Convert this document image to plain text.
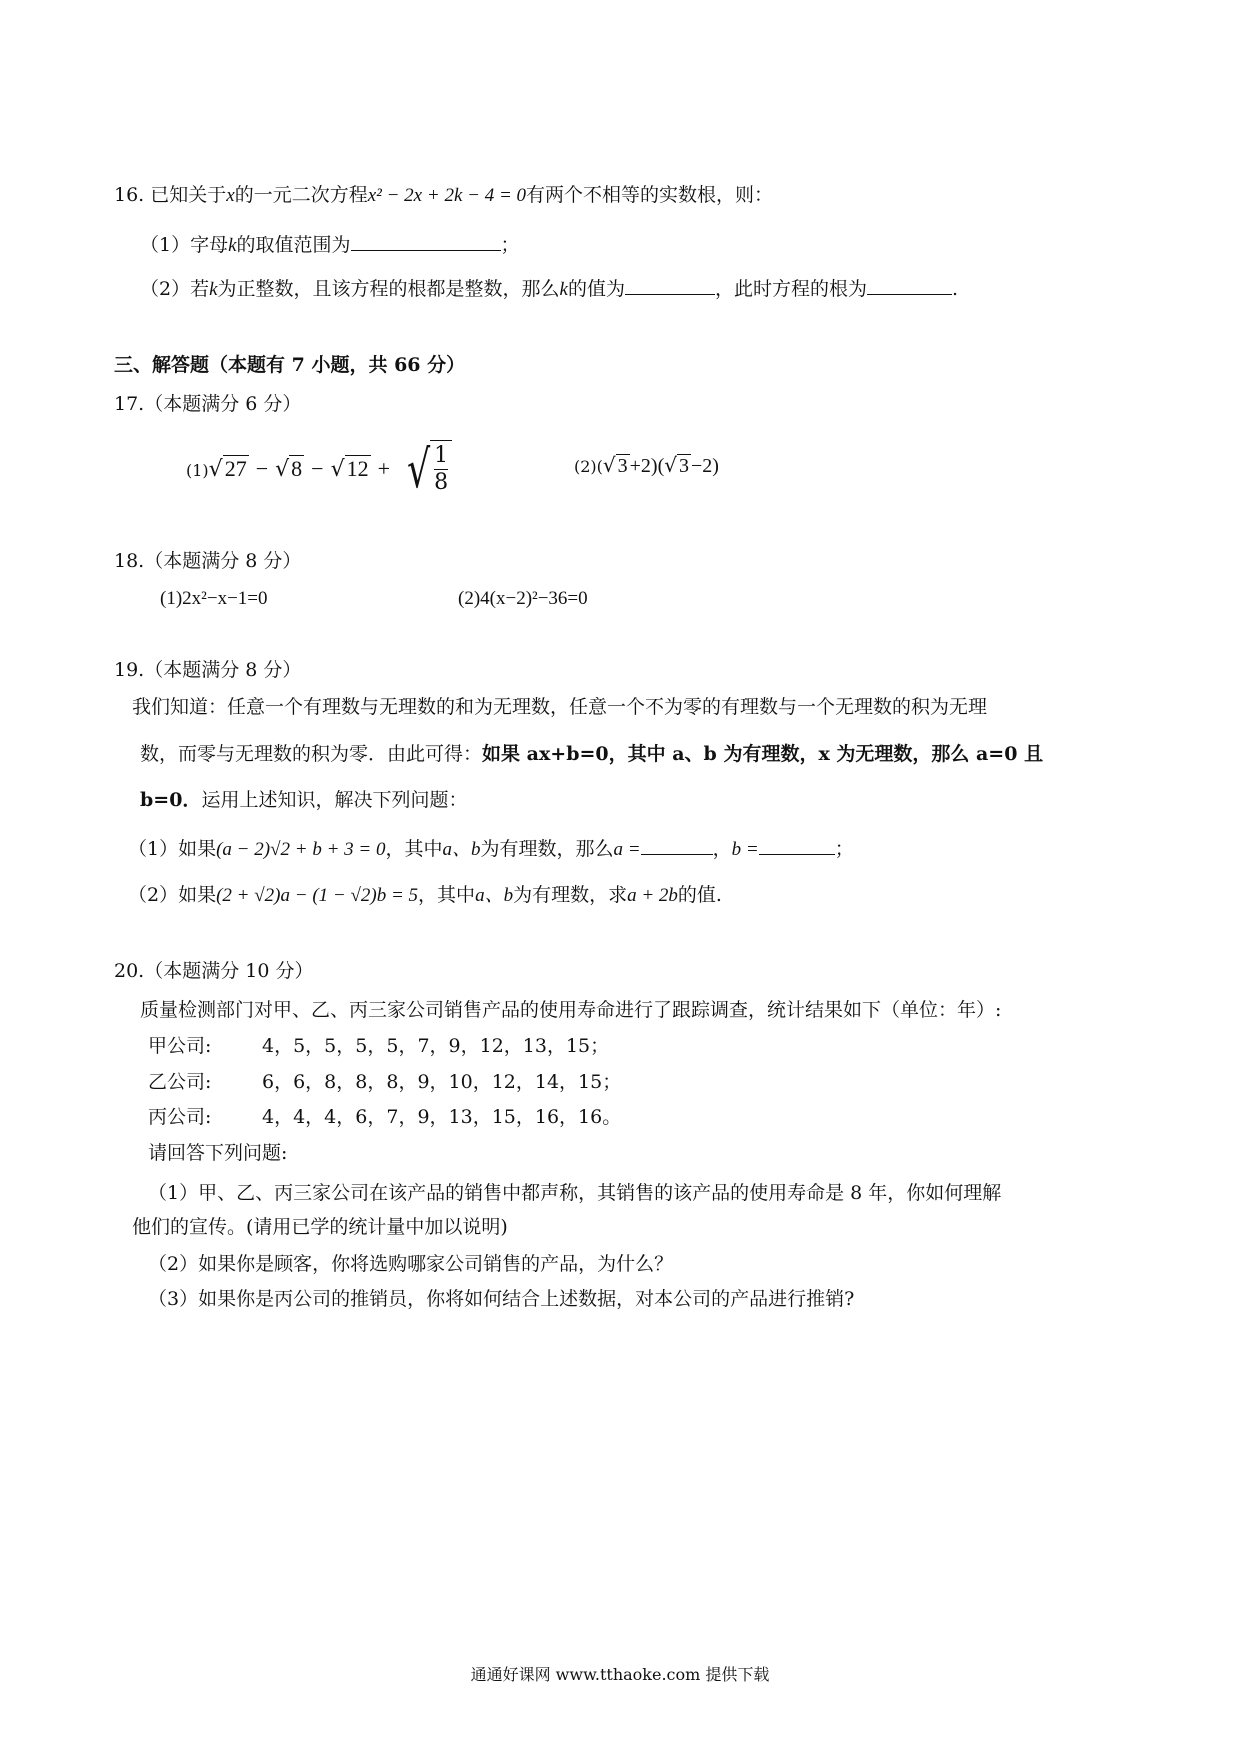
16. 已知关于x的一元二次方程x² − 2x + 2k − 4 = 0有两个不相等的实数根，则：
（1）字母k的取值范围为	；
（2）若k为正整数，且该方程的根都是整数，那么k的值为	，此时方程的根为	.
三、解答题（本题有 7 小题，共 66 分）
17.（本题满分 6 分）
(1)√27 − √8 − √12 + √ $\frac{1}{8}$	(2)(√ 3 +2)(√ 3 −2)
18.（本题满分 8 分）
(1)2x²−x−1=0	(2)4(x−2)²−36=0
19.（本题满分 8 分）
我们知道：任意一个有理数与无理数的和为无理数，任意一个不为零的有理数与一个无理数的积为无理
数，而零与无理数的积为零．由此可得：如果 ax+b=0，其中 a、b 为有理数，x 为无理数，那么 a=0 且
b=0．运用上述知识，解决下列问题：
（1）如果(a − 2)√2 + b + 3 = 0，其中a、b为有理数，那么a =	，b =	；
（2）如果(2 + √2)a − (1 − √2)b = 5，其中a、b为有理数，求a + 2b的值.
20.（本题满分 10 分）
质量检测部门对甲、乙、丙三家公司销售产品的使用寿命进行了跟踪调查，统计结果如下（单位：年）:
甲公司:	4，5，5，5，5，7，9，12，13，15；
乙公司:	6，6，8，8，8，9，10，12，14，15；
丙公司:	4，4，4，6，7，9，13，15，16，16。
请回答下列问题:
（1）甲、乙、丙三家公司在该产品的销售中都声称，其销售的该产品的使用寿命是 8 年，你如何理解
他们的宣传。(请用已学的统计量中加以说明)
（2）如果你是顾客，你将选购哪家公司销售的产品，为什么？
（3）如果你是丙公司的推销员，你将如何结合上述数据，对本公司的产品进行推销?
通通好课网 www.tthaoke.com 提供下载
